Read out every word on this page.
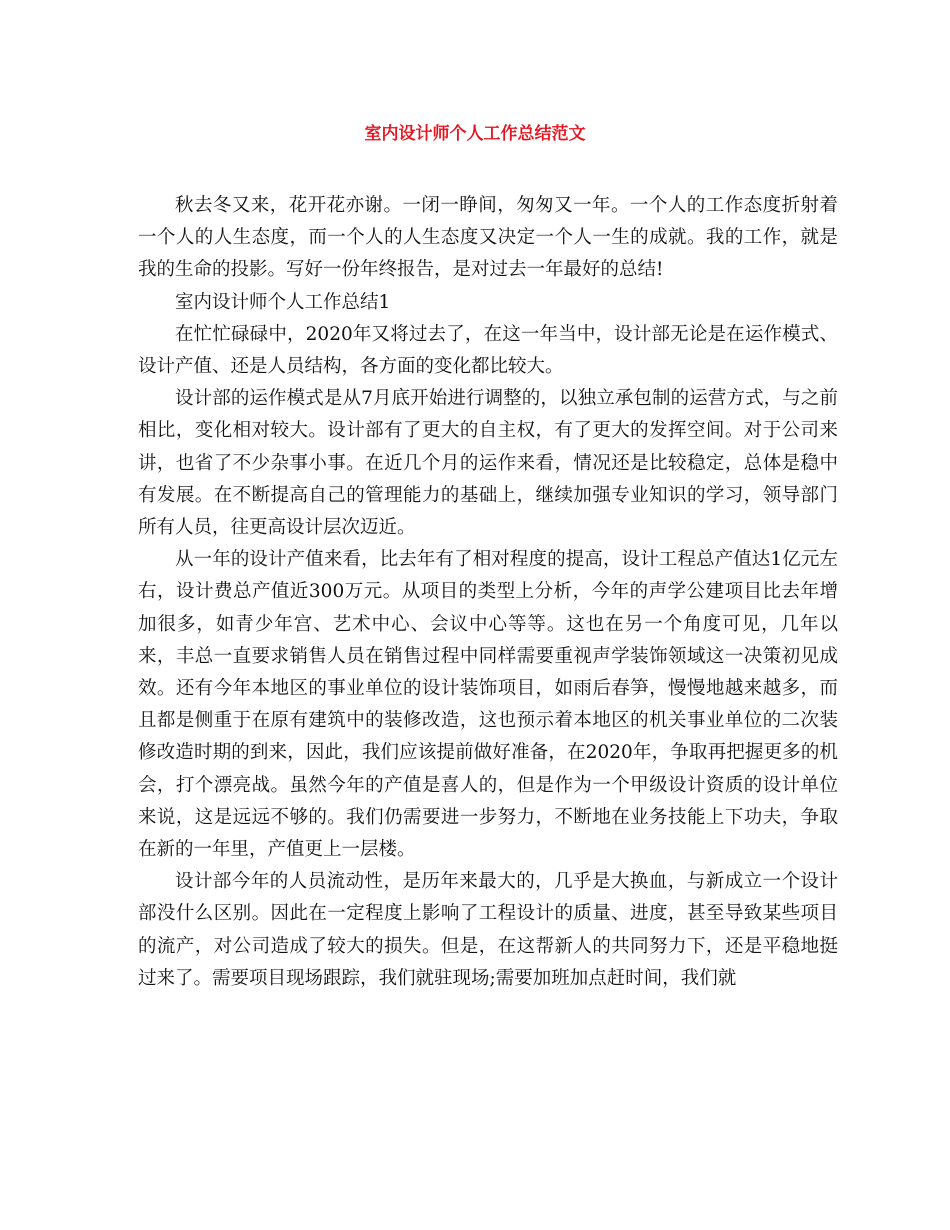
室内设计师个人工作总结范文

秋去冬又来，花开花亦谢。一闭一睁间，匆匆又一年。一个人的工作态度折射着一个人的人生态度，而一个人的人生态度又决定一个人一生的成就。我的工作，就是我的生命的投影。写好一份年终报告，是对过去一年最好的总结!

室内设计师个人工作总结1

在忙忙碌碌中，2020年又将过去了，在这一年当中，设计部无论是在运作模式、设计产值、还是人员结构，各方面的变化都比较大。

设计部的运作模式是从7月底开始进行调整的，以独立承包制的运营方式，与之前相比，变化相对较大。设计部有了更大的自主权，有了更大的发挥空间。对于公司来讲，也省了不少杂事小事。在近几个月的运作来看，情况还是比较稳定，总体是稳中有发展。在不断提高自己的管理能力的基础上，继续加强专业知识的学习，领导部门所有人员，往更高设计层次迈近。

从一年的设计产值来看，比去年有了相对程度的提高，设计工程总产值达1亿元左右，设计费总产值近300万元。从项目的类型上分析，今年的声学公建项目比去年增加很多，如青少年宫、艺术中心、会议中心等等。这也在另一个角度可见，几年以来，丰总一直要求销售人员在销售过程中同样需要重视声学装饰领域这一决策初见成效。还有今年本地区的事业单位的设计装饰项目，如雨后春笋，慢慢地越来越多，而且都是侧重于在原有建筑中的装修改造，这也预示着本地区的机关事业单位的二次装修改造时期的到来，因此，我们应该提前做好准备，在2020年，争取再把握更多的机会，打个漂亮战。虽然今年的产值是喜人的，但是作为一个甲级设计资质的设计单位来说，这是远远不够的。我们仍需要进一步努力，不断地在业务技能上下功夫，争取在新的一年里，产值更上一层楼。

设计部今年的人员流动性，是历年来最大的，几乎是大换血，与新成立一个设计部没什么区别。因此在一定程度上影响了工程设计的质量、进度，甚至导致某些项目的流产，对公司造成了较大的损失。但是，在这帮新人的共同努力下，还是平稳地挺过来了。需要项目现场跟踪，我们就驻现场;需要加班加点赶时间，我们就
